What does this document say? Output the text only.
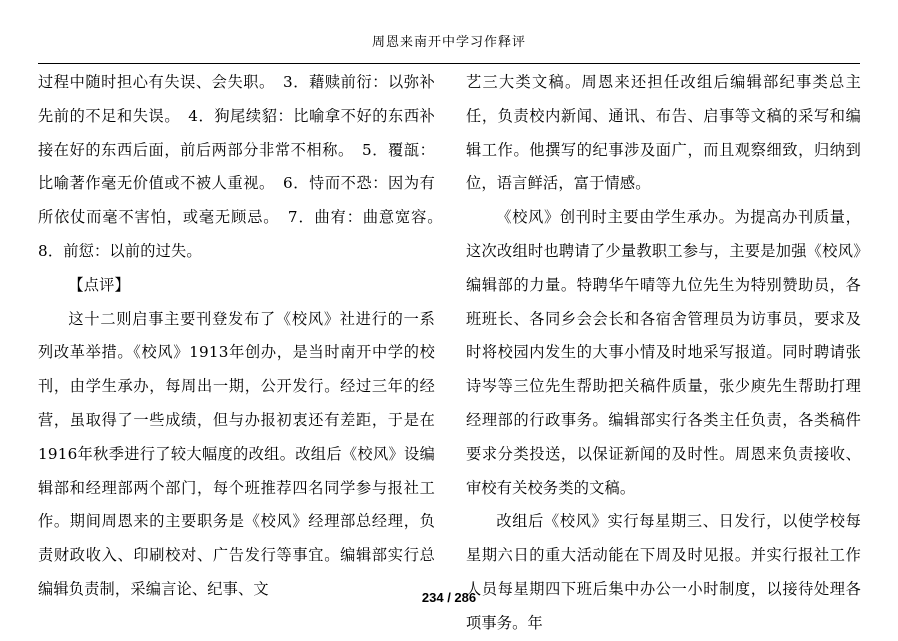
周恩来南开中学习作释评

过程中随时担心有失误、会失职。　3．藉赎前衍：以弥补先前的不足和失误。　4．狗尾续貂：比喻拿不好的东西补接在好的东西后面，前后两部分非常不相称。　5．覆瓿：比喻著作毫无价值或不被人重视。　6．恃而不恐：因为有所依仗而毫不害怕，或毫无顾忌。　7．曲宥：曲意宽容。　8．前愆：以前的过失。

【点评】

这十二则启事主要刊登发布了《校风》社进行的一系列改革举措。《校风》1913年创办，是当时南开中学的校刊，由学生承办，每周出一期，公开发行。经过三年的经营，虽取得了一些成绩，但与办报初衷还有差距，于是在1916年秋季进行了较大幅度的改组。改组后《校风》设编辑部和经理部两个部门，每个班推荐四名同学参与报社工作。期间周恩来的主要职务是《校风》经理部总经理，负责财政收入、印刷校对、广告发行等事宜。编辑部实行总编辑负责制，采编言论、纪事、文

艺三大类文稿。周恩来还担任改组后编辑部纪事类总主任，负责校内新闻、通讯、布告、启事等文稿的采写和编辑工作。他撰写的纪事涉及面广，而且观察细致，归纳到位，语言鲜活，富于情感。

《校风》创刊时主要由学生承办。为提高办刊质量，这次改组时也聘请了少量教职工参与，主要是加强《校风》编辑部的力量。特聘华午晴等九位先生为特别赞助员，各班班长、各同乡会会长和各宿舍管理员为访事员，要求及时将校园内发生的大事小情及时地采写报道。同时聘请张诗岑等三位先生帮助把关稿件质量，张少庾先生帮助打理经理部的行政事务。编辑部实行各类主任负责，各类稿件要求分类投送，以保证新闻的及时性。周恩来负责接收、审校有关校务类的文稿。

改组后《校风》实行每星期三、日发行，以使学校每星期六日的重大活动能在下周及时见报。并实行报社工作人员每星期四下班后集中办公一小时制度，以接待处理各项事务。年

234 / 286
